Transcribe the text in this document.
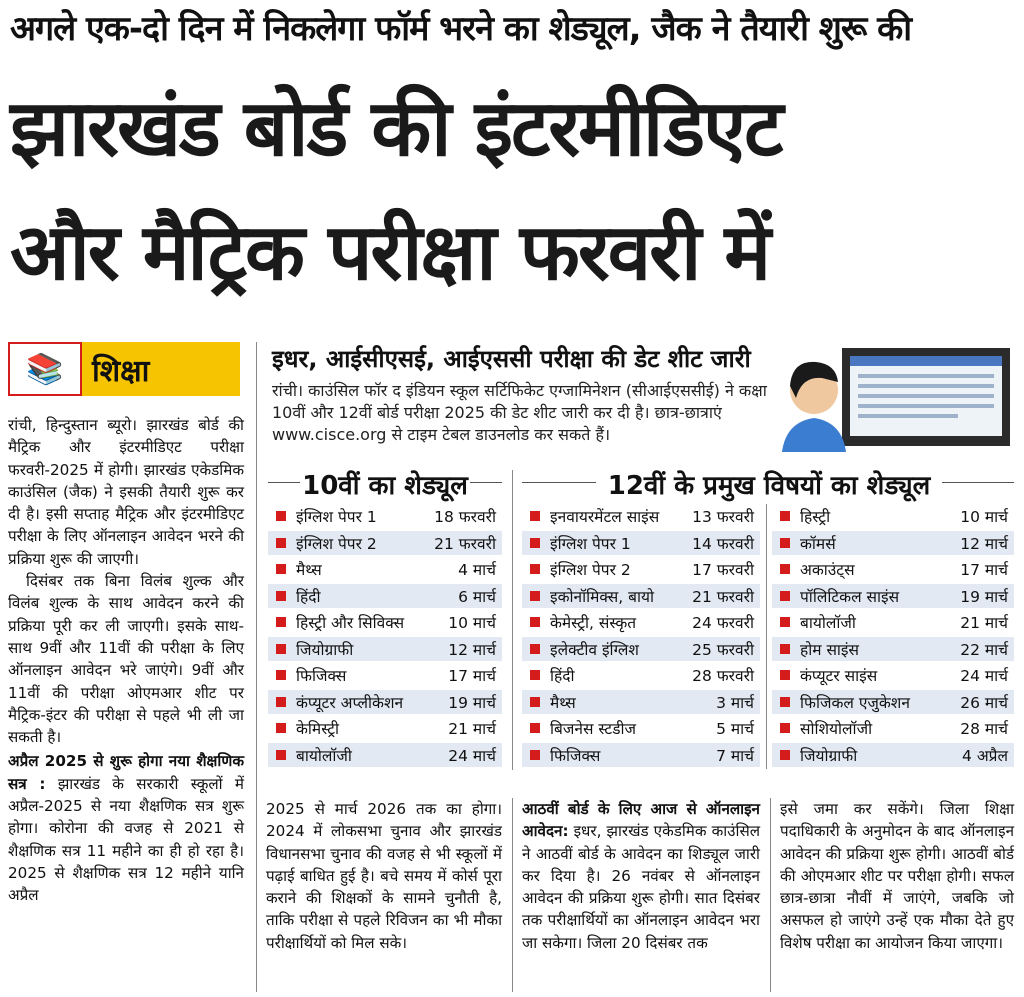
अगले एक-दो दिन में निकलेगा फॉर्म भरने का शेड्यूल, जैक ने तैयारी शुरू की
झारखंड बोर्ड की इंटरमीडिएट
और मैट्रिक परीक्षा फरवरी में
📚 शिक्षा

रांची, हिन्दुस्तान ब्यूरो। झारखंड बोर्ड की मैट्रिक और इंटरमीडिएट परीक्षा फरवरी-2025 में होगी। झारखंड एकेडमिक काउंसिल (जैक) ने इसकी तैयारी शुरू कर दी है। इसी सप्ताह मैट्रिक और इंटरमीडिएट परीक्षा के लिए ऑनलाइन आवेदन भरने की प्रक्रिया शुरू की जाएगी।

दिसंबर तक बिना विलंब शुल्क और विलंब शुल्क के साथ आवेदन करने की प्रक्रिया पूरी कर ली जाएगी। इसके साथ-साथ 9वीं और 11वीं की परीक्षा के लिए ऑनलाइन आवेदन भरे जाएंगे। 9वीं और 11वीं की परीक्षा ओएमआर शीट पर मैट्रिक-इंटर की परीक्षा से पहले भी ली जा सकती है।

अप्रैल 2025 से शुरू होगा नया शैक्षणिक सत्र : झारखंड के सरकारी स्कूलों में अप्रैल-2025 से नया शैक्षणिक सत्र शुरू होगा। कोरोना की वजह से 2021 से शैक्षणिक सत्र 11 महीने का ही हो रहा है। 2025 से शैक्षणिक सत्र 12 महीने यानि अप्रैल

इधर, आईसीएसई, आईएससी परीक्षा की डेट शीट जारी
रांची। काउंसिल फॉर द इंडियन स्कूल सर्टिफिकेट एग्जामिनेशन (सीआईएससीई) ने कक्षा 10वीं और 12वीं बोर्ड परीक्षा 2025 की डेट शीट जारी कर दी है। छात्र-छात्राएं www.cisce.org से टाइम टेबल डाउनलोड कर सकते हैं।
10वीं का शेड्यूल
इंग्लिश पेपर 1	18 फरवरी
इंग्लिश पेपर 2	21 फरवरी
मैथ्स	4 मार्च
हिंदी	6 मार्च
हिस्ट्री और सिविक्स	10 मार्च
जियोग्राफी	12 मार्च
फिजिक्स	17 मार्च
कंप्यूटर अप्लीकेशन	19 मार्च
केमिस्ट्री	21 मार्च
बायोलॉजी	24 मार्च
12वीं के प्रमुख विषयों का शेड्यूल
इनवायरमेंटल साइंस	13 फरवरी
इंग्लिश पेपर 1	14 फरवरी
इंग्लिश पेपर 2	17 फरवरी
इकोनॉमिक्स, बायो	21 फरवरी
केमेस्ट्री, संस्कृत	24 फरवरी
इलेक्टीव इंग्लिश	25 फरवरी
हिंदी	28 फरवरी
मैथ्स	3 मार्च
बिजनेस स्टडीज	5 मार्च
फिजिक्स	7 मार्च
हिस्ट्री	10 मार्च
कॉमर्स	12 मार्च
अकाउंट्स	17 मार्च
पॉलिटिकल साइंस	19 मार्च
बायोलॉजी	21 मार्च
होम साइंस	22 मार्च
कंप्यूटर साइंस	24 मार्च
फिजिकल एजुकेशन	26 मार्च
सोशियोलॉजी	28 मार्च
जियोग्राफी	4 अप्रैल

2025 से मार्च 2026 तक का होगा। 2024 में लोकसभा चुनाव और झारखंड विधानसभा चुनाव की वजह से भी स्कूलों में पढ़ाई बाधित हुई है। बचे समय में कोर्स पूरा कराने की शिक्षकों के सामने चुनौती है, ताकि परीक्षा से पहले रिविजन का भी मौका परीक्षार्थियों को मिल सके।

आठवीं बोर्ड के लिए आज से ऑनलाइन आवेदन: इधर, झारखंड एकेडमिक काउंसिल ने आठवीं बोर्ड के आवेदन का शिड्यूल जारी कर दिया है। 26 नवंबर से ऑनलाइन आवेदन की प्रक्रिया शुरू होगी। सात दिसंबर तक परीक्षार्थियों का ऑनलाइन आवेदन भरा जा सकेगा। जिला 20 दिसंबर तक

इसे जमा कर सकेंगे। जिला शिक्षा पदाधिकारी के अनुमोदन के बाद ऑनलाइन आवेदन की प्रक्रिया शुरू होगी। आठवीं बोर्ड की ओएमआर शीट पर परीक्षा होगी। सफल छात्र-छात्रा नौवीं में जाएंगे, जबकि जो असफल हो जाएंगे उन्हें एक मौका देते हुए विशेष परीक्षा का आयोजन किया जाएगा।
